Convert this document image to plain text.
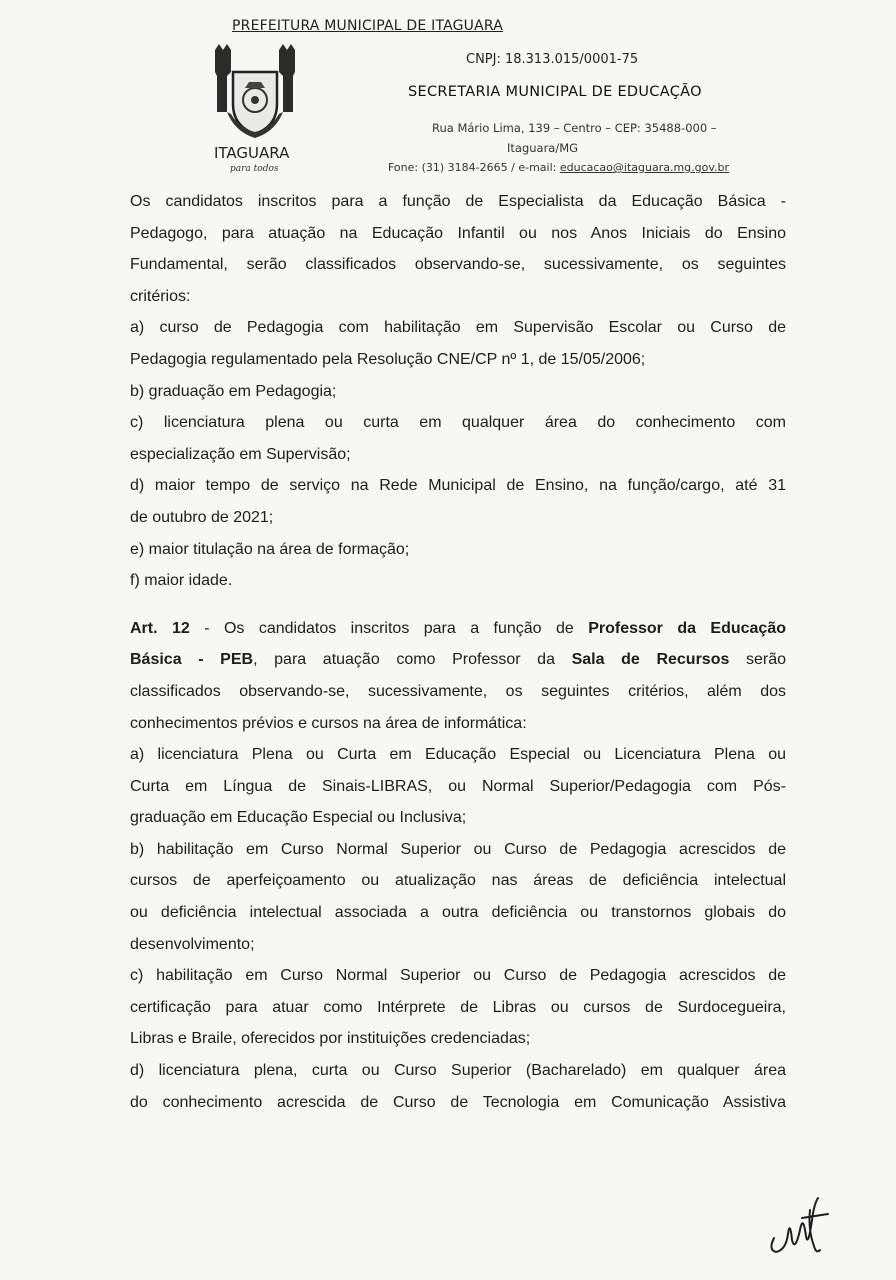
PREFEITURA MUNICIPAL DE ITAGUARA
ITAGUARA
para todos
CNPJ: 18.313.015/0001-75
SECRETARIA MUNICIPAL DE EDUCAÇÃO
Rua Mário Lima, 139 – Centro – CEP: 35488-000 –
Itaguara/MG
Fone: (31) 3184-2665 / e-mail: educacao@itaguara.mg.gov.br

Os candidatos inscritos para a função de Especialista da Educação Básica -

Pedagogo, para atuação na Educação Infantil ou nos Anos Iniciais do Ensino

Fundamental, serão classificados observando-se, sucessivamente, os seguintes

critérios:

a) curso de Pedagogia com habilitação em Supervisão Escolar ou Curso de

Pedagogia regulamentado pela Resolução CNE/CP nº 1, de 15/05/2006;

b) graduação em Pedagogia;

c) licenciatura plena ou curta em qualquer área do conhecimento com

especialização em Supervisão;

d) maior tempo de serviço na Rede Municipal de Ensino, na função/cargo, até 31

de outubro de 2021;

e) maior titulação na área de formação;

f) maior idade.

Art. 12 - Os candidatos inscritos para a função de Professor da Educação

Básica - PEB, para atuação como Professor da Sala de Recursos serão

classificados observando-se, sucessivamente, os seguintes critérios, além dos

conhecimentos prévios e cursos na área de informática:

a) licenciatura Plena ou Curta em Educação Especial ou Licenciatura Plena ou

Curta em Língua de Sinais-LIBRAS, ou Normal Superior/Pedagogia com Pós-

graduação em Educação Especial ou Inclusiva;

b) habilitação em Curso Normal Superior ou Curso de Pedagogia acrescidos de

cursos de aperfeiçoamento ou atualização nas áreas de deficiência intelectual

ou deficiência intelectual associada a outra deficiência ou transtornos globais do

desenvolvimento;

c) habilitação em Curso Normal Superior ou Curso de Pedagogia acrescidos de

certificação para atuar como Intérprete de Libras ou cursos de Surdocegueira,

Libras e Braile, oferecidos por instituições credenciadas;

d) licenciatura plena, curta ou Curso Superior (Bacharelado) em qualquer área

do conhecimento acrescida de Curso de Tecnologia em Comunicação Assistiva
